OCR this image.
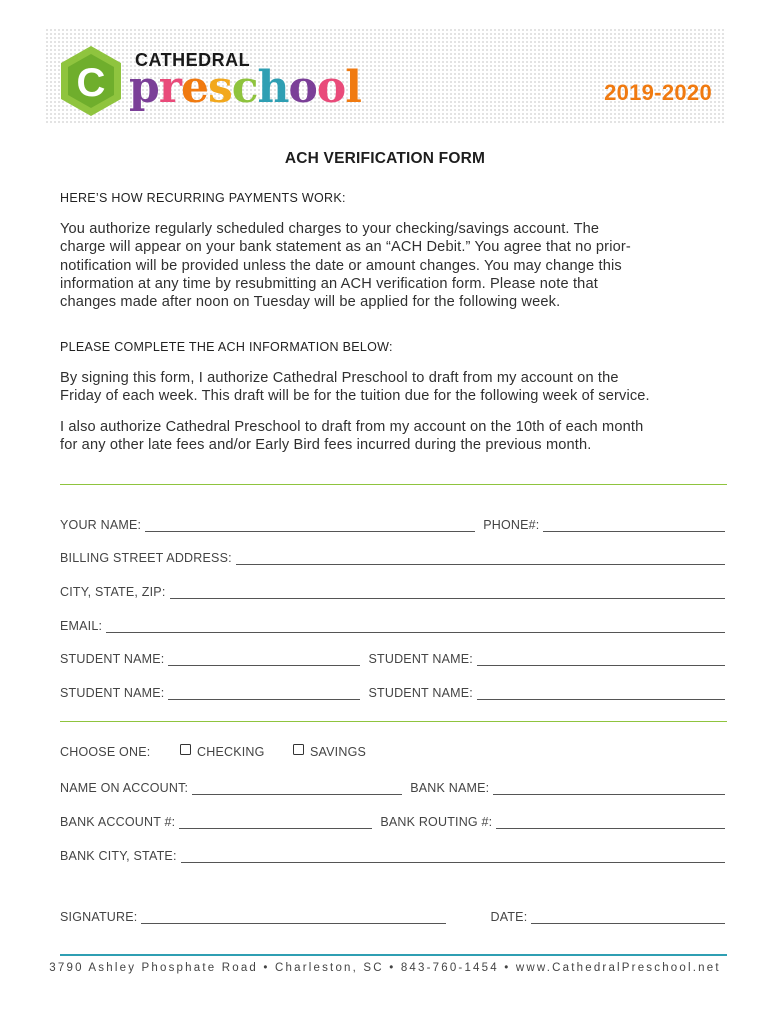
C
CATHEDRAL
preschool	2019-2020
ACH VERIFICATION FORM
HERE’S HOW RECURRING PAYMENTS WORK:
You authorize regularly scheduled charges to your checking/savings account. The
charge will appear on your bank statement as an “ACH Debit.” You agree that no prior-
notification will be provided unless the date or amount changes. You may change this
information at any time by resubmitting an ACH verification form. Please note that
changes made after noon on Tuesday will be applied for the following week.
PLEASE COMPLETE THE ACH INFORMATION BELOW:
By signing this form, I authorize Cathedral Preschool to draft from my account on the
Friday of each week. This draft will be for the tuition due for the following week of service.
I also authorize Cathedral Preschool to draft from my account on the 10th of each month
for any other late fees and/or Early Bird fees incurred during the previous month.
YOUR NAME:	PHONE#:
BILLING STREET ADDRESS:
CITY, STATE, ZIP:
EMAIL:
STUDENT NAME:	STUDENT NAME:
STUDENT NAME:	STUDENT NAME:
CHOOSE ONE:	CHECKING	SAVINGS
NAME ON ACCOUNT:	BANK NAME:
BANK ACCOUNT #:	BANK ROUTING #:
BANK CITY, STATE:
SIGNATURE:	DATE:
3790 Ashley Phosphate Road • Charleston, SC • 843-760-1454 • www.CathedralPreschool.net
